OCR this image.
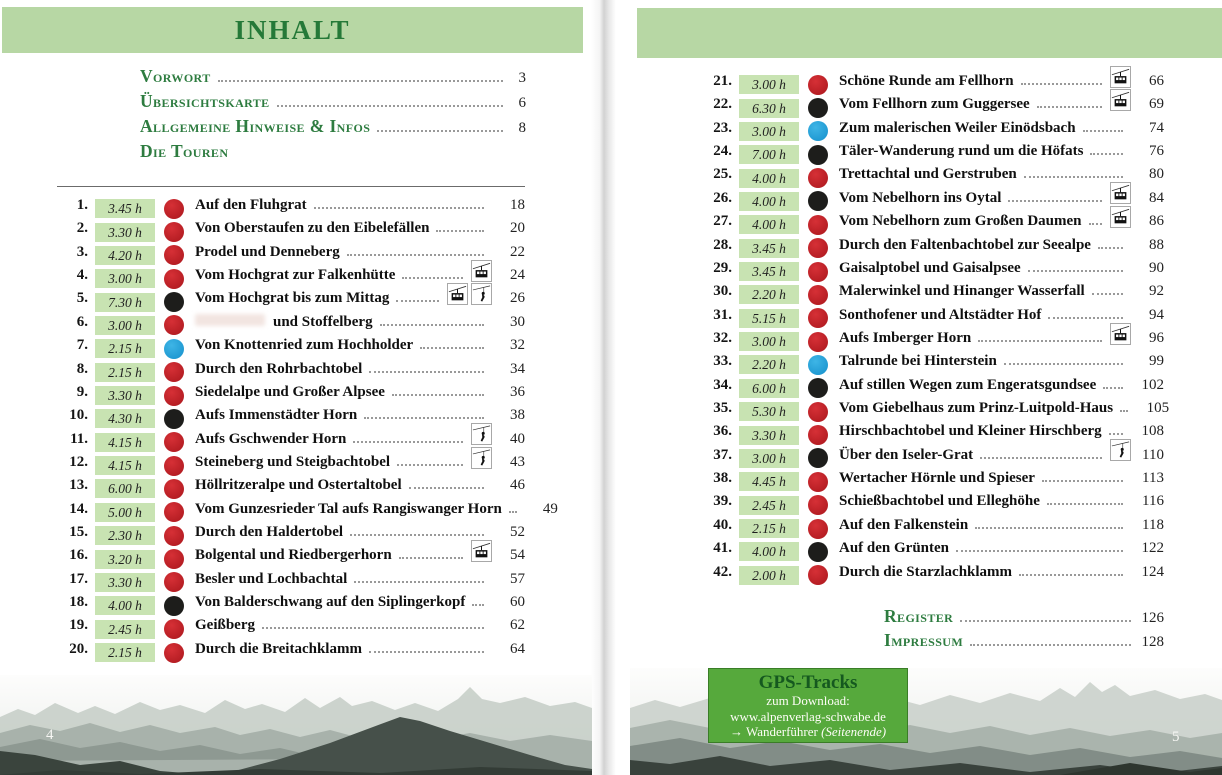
INHALT
Vorwort	3
Übersichtskarte	6
Allgemeine Hinweise & Infos	8
Die Touren
1.	3.45 h	Auf den Fluhgrat	18
2.	3.30 h	Von Oberstaufen zu den Eibelefällen	20
3.	4.20 h	Prodel und Denneberg	22
4.	3.00 h	Vom Hochgrat zur Falkenhütte	24
5.	7.30 h	Vom Hochgrat bis zum Mittag	26
6.	3.00 h	und Stoffelberg	30
7.	2.15 h	Von Knottenried zum Hochholder	32
8.	2.15 h	Durch den Rohrbachtobel	34
9.	3.30 h	Siedelalpe und Großer Alpsee	36
10.	4.30 h	Aufs Immenstädter Horn	38
11.	4.15 h	Aufs Gschwender Horn	40
12.	4.15 h	Steineberg und Steigbachtobel	43
13.	6.00 h	Höllritzeralpe und Ostertaltobel	46
14.	5.00 h	Vom Gunzesrieder Tal aufs Rangiswanger Horn	49
15.	2.30 h	Durch den Haldertobel	52
16.	3.20 h	Bolgental und Riedbergerhorn	54
17.	3.30 h	Besler und Lochbachtal	57
18.	4.00 h	Von Balderschwang auf den Siplingerkopf	60
19.	2.45 h	Geißberg	62
20.	2.15 h	Durch die Breitachklamm	64
4
21.	3.00 h	Schöne Runde am Fellhorn	66
22.	6.30 h	Vom Fellhorn zum Guggersee	69
23.	3.00 h	Zum malerischen Weiler Einödsbach	74
24.	7.00 h	Täler-Wanderung rund um die Höfats	76
25.	4.00 h	Trettachtal und Gerstruben	80
26.	4.00 h	Vom Nebelhorn ins Oytal	84
27.	4.00 h	Vom Nebelhorn zum Großen Daumen	86
28.	3.45 h	Durch den Faltenbachtobel zur Seealpe	88
29.	3.45 h	Gaisalptobel und Gaisalpsee	90
30.	2.20 h	Malerwinkel und Hinanger Wasserfall	92
31.	5.15 h	Sonthofener und Altstädter Hof	94
32.	3.00 h	Aufs Imberger Horn	96
33.	2.20 h	Talrunde bei Hinterstein	99
34.	6.00 h	Auf stillen Wegen zum Engeratsgundsee	102
35.	5.30 h	Vom Giebelhaus zum Prinz-Luitpold-Haus	105
36.	3.30 h	Hirschbachtobel und Kleiner Hirschberg	108
37.	3.00 h	Über den Iseler-Grat	110
38.	4.45 h	Wertacher Hörnle und Spieser	113
39.	2.45 h	Schießbachtobel und Elleghöhe	116
40.	2.15 h	Auf den Falkenstein	118
41.	4.00 h	Auf den Grünten	122
42.	2.00 h	Durch die Starzlachklamm	124
Register	126
Impressum	128
GPS-Tracks
zum Download:
www.alpenverlag-schwabe.de
→ Wanderführer (Seitenende)	5
